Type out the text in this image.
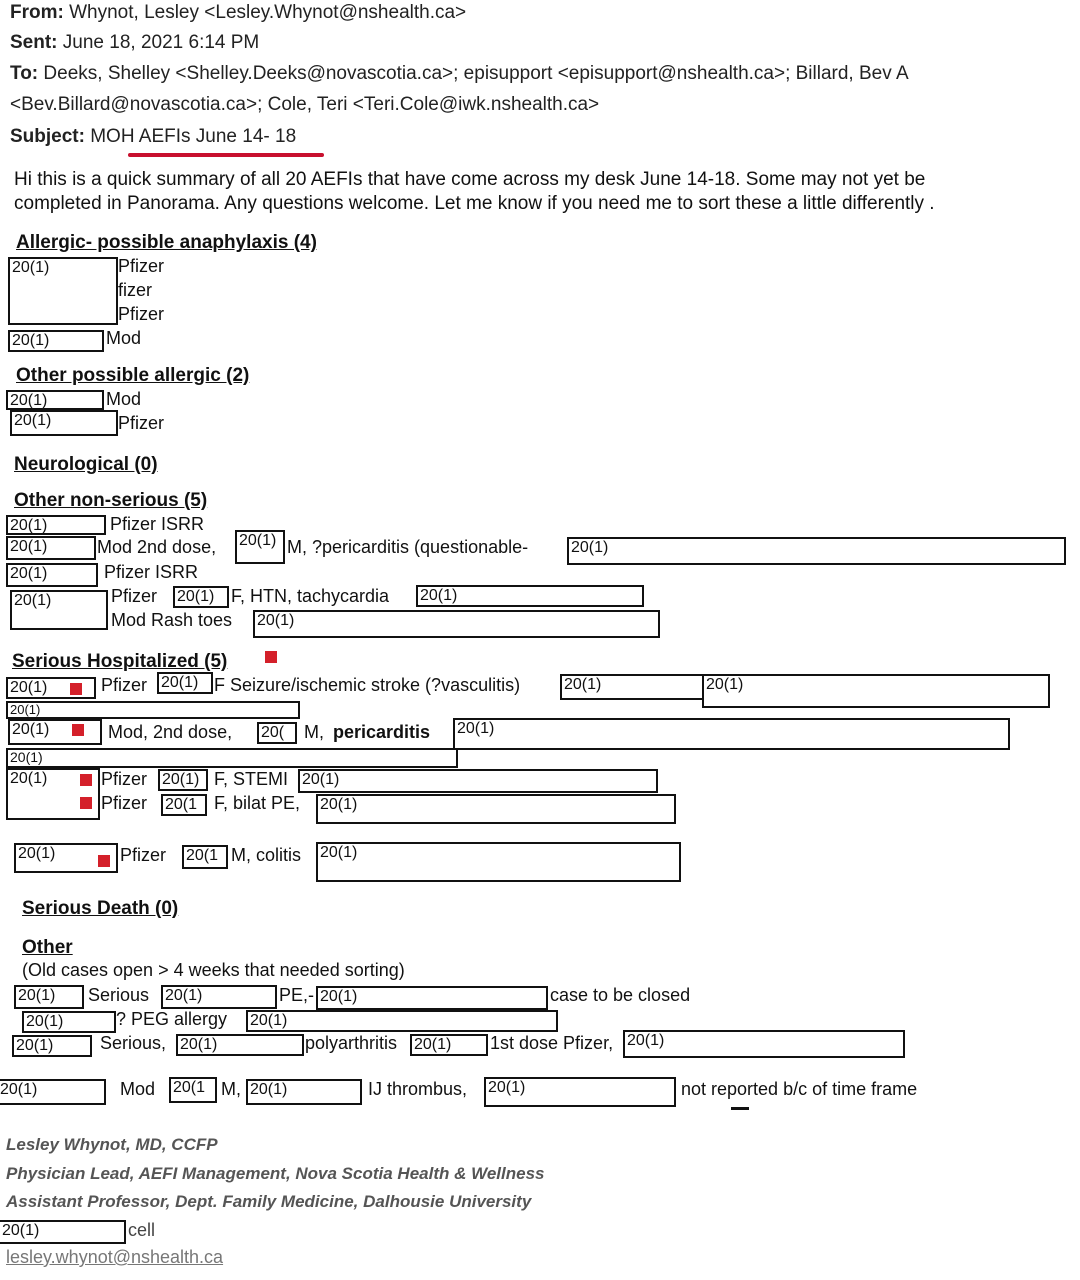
From: Whynot, Lesley <Lesley.Whynot@nshealth.ca>
Sent: June 18, 2021 6:14 PM
To: Deeks, Shelley <Shelley.Deeks@novascotia.ca>; episupport <episupport@nshealth.ca>; Billard, Bev A
<Bev.Billard@novascotia.ca>; Cole, Teri <Teri.Cole@iwk.nshealth.ca>
Subject: MOH AEFIs June 14- 18
Hi this is a quick summary of all 20 AEFIs that have come across my desk June 14-18. Some may not yet be
completed in Panorama. Any questions welcome. Let me know if you need me to sort these a little differently .
Allergic- possible anaphylaxis (4)
20(1)	Pfizer
fizer
Pfizer
20(1)	Mod
Other possible allergic (2)
20(1)	Mod
20(1)	Pfizer
Neurological (0)
Other non-serious (5)
20(1)	Pfizer ISRR
20(1)	Mod 2nd dose, 20(1) M, ?pericarditis (questionable-	20(1)
20(1)	Pfizer ISRR
20(1)	Pfizer 20(1) F, HTN, tachycardia 20(1)
Mod Rash toes 20(1)
Serious Hospitalized (5)
20(1)	Pfizer 20(1) F Seizure/ischemic stroke (?vasculitis)	20(1)	20(1)
20(1)
20(1)	Mod, 2nd dose, 20(	M, pericarditis 20(1)
20(1)
20(1)	Pfizer 20(1) F, STEMI 20(1)
Pfizer 20(1 F, bilat PE, 20(1)
20(1)	Pfizer 20(1 M, colitis 20(1)
Serious Death (0)
Other
(Old cases open > 4 weeks that needed sorting)
20(1)	Serious 20(1)	PE,- 20(1)	case to be closed
20(1)	? PEG allergy 20(1)
20(1)	Serious, 20(1)	polyarthritis 20(1)	1st dose Pfizer, 20(1)
20(1)	Mod 20(1 M, 20(1)	IJ thrombus, 20(1)	not reported b/c of time frame
Lesley Whynot, MD, CCFP
Physician Lead, AEFI Management, Nova Scotia Health & Wellness
Assistant Professor, Dept. Family Medicine, Dalhousie University
20(1)	cell
lesley.whynot@nshealth.ca
